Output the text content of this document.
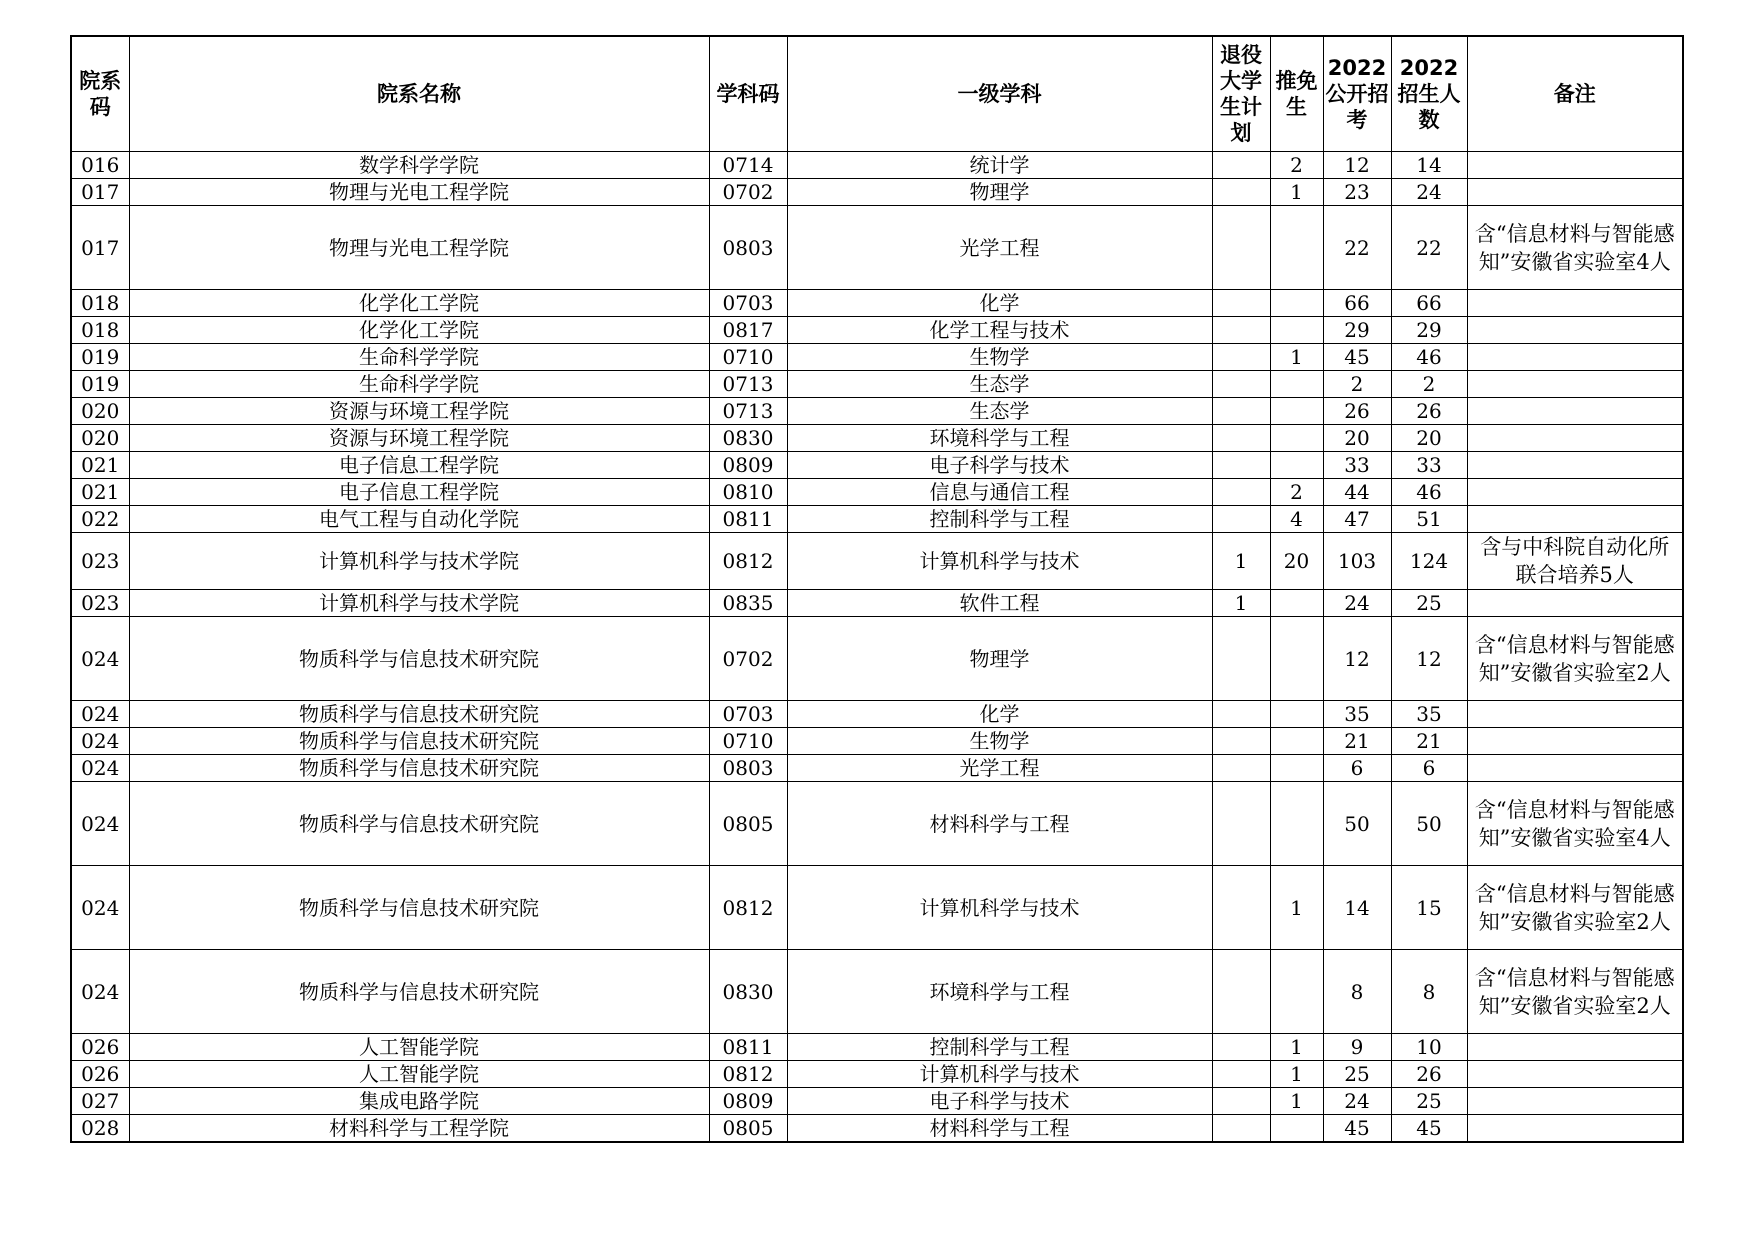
院系码	院系名称	学科码	一级学科	退役大学生计划	推免生	2022公开招考	2022招生人数	备注
016	数学科学学院	0714	统计学		2	12	14	
017	物理与光电工程学院	0702	物理学		1	23	24	
017	物理与光电工程学院	0803	光学工程			22	22	含“信息材料与智能感知”安徽省实验室4人
018	化学化工学院	0703	化学			66	66	
018	化学化工学院	0817	化学工程与技术			29	29	
019	生命科学学院	0710	生物学		1	45	46	
019	生命科学学院	0713	生态学			2	2	
020	资源与环境工程学院	0713	生态学			26	26	
020	资源与环境工程学院	0830	环境科学与工程			20	20	
021	电子信息工程学院	0809	电子科学与技术			33	33	
021	电子信息工程学院	0810	信息与通信工程		2	44	46	
022	电气工程与自动化学院	0811	控制科学与工程		4	47	51	
023	计算机科学与技术学院	0812	计算机科学与技术	1	20	103	124	含与中科院自动化所联合培养5人
023	计算机科学与技术学院	0835	软件工程	1		24	25	
024	物质科学与信息技术研究院	0702	物理学			12	12	含“信息材料与智能感知”安徽省实验室2人
024	物质科学与信息技术研究院	0703	化学			35	35	
024	物质科学与信息技术研究院	0710	生物学			21	21	
024	物质科学与信息技术研究院	0803	光学工程			6	6	
024	物质科学与信息技术研究院	0805	材料科学与工程			50	50	含“信息材料与智能感知”安徽省实验室4人
024	物质科学与信息技术研究院	0812	计算机科学与技术		1	14	15	含“信息材料与智能感知”安徽省实验室2人
024	物质科学与信息技术研究院	0830	环境科学与工程			8	8	含“信息材料与智能感知”安徽省实验室2人
026	人工智能学院	0811	控制科学与工程		1	9	10	
026	人工智能学院	0812	计算机科学与技术		1	25	26	
027	集成电路学院	0809	电子科学与技术		1	24	25	
028	材料科学与工程学院	0805	材料科学与工程			45	45	
